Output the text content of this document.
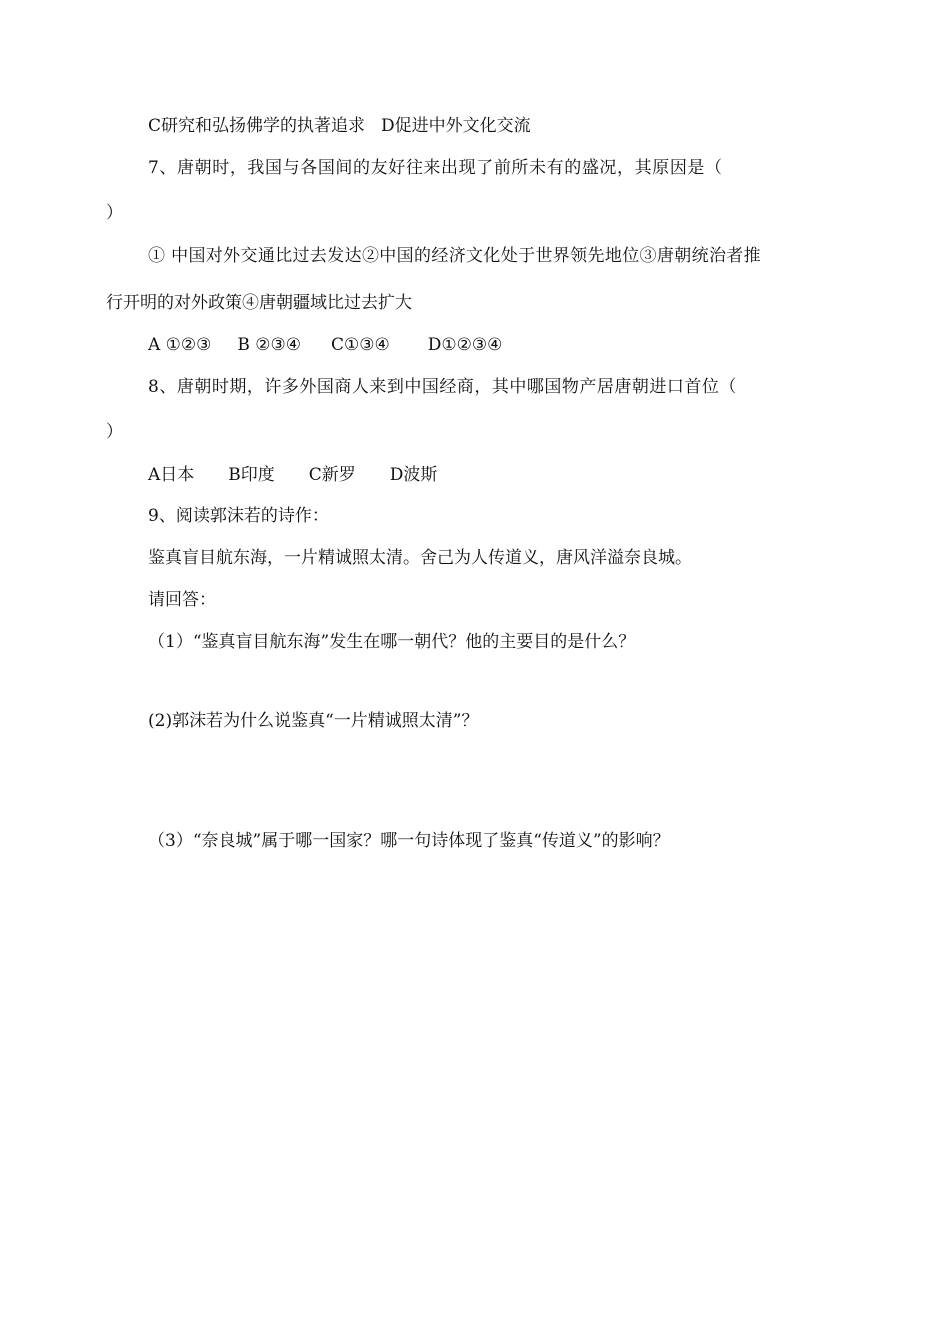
C研究和弘扬佛学的执著追求 D促进中外文化交流
7、唐朝时，我国与各国间的友好往来出现了前所未有的盛况，其原因是（
）
① 中国对外交通比过去发达②中国的经济文化处于世界领先地位③唐朝统治者推
行开明的对外政策④唐朝疆域比过去扩大
A ①②③ B ②③④ C①③④ D①②③④
8、唐朝时期，许多外国商人来到中国经商，其中哪国物产居唐朝进口首位（
）
A日本 B印度 C新罗 D波斯
9、阅读郭沫若的诗作：
鉴真盲目航东海，一片精诚照太清。舍己为人传道义，唐风洋溢奈良城。
请回答：
（1）“鉴真盲目航东海”发生在哪一朝代？他的主要目的是什么？
(2)郭沫若为什么说鉴真“一片精诚照太清”？
（3）“奈良城”属于哪一国家？哪一句诗体现了鉴真“传道义”的影响？
